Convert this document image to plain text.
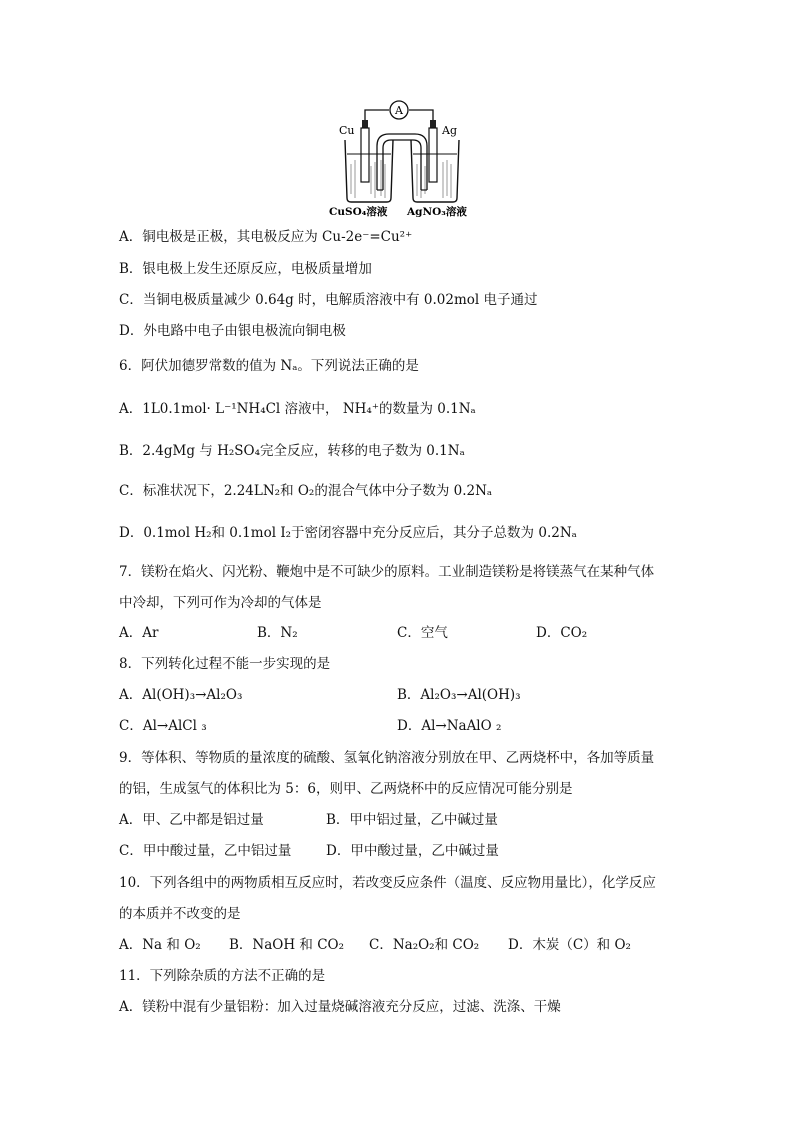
A
Cu	Ag
CuSO₄溶液 AgNO₃溶液
A．铜电极是正极，其电极反应为 Cu-2e⁻=Cu²⁺
B．银电极上发生还原反应，电极质量增加
C．当铜电极质量减少 0.64g 时，电解质溶液中有 0.02mol 电子通过
D．外电路中电子由银电极流向铜电极
6．阿伏加德罗常数的值为 Nₐ。下列说法正确的是
A．1L0.1mol· L⁻¹NH₄Cl 溶液中， NH₄⁺的数量为 0.1Nₐ
B．2.4gMg 与 H₂SO₄完全反应，转移的电子数为 0.1Nₐ
C．标准状况下，2.24LN₂和 O₂的混合气体中分子数为 0.2Nₐ
D．0.1mol H₂和 0.1mol I₂于密闭容器中充分反应后，其分子总数为 0.2Nₐ
7．镁粉在焰火、闪光粉、鞭炮中是不可缺少的原料。工业制造镁粉是将镁蒸气在某种气体
中冷却，下列可作为冷却的气体是
A．Ar	B．N₂	C．空气	D．CO₂
8．下列转化过程不能一步实现的是
A．Al(OH)₃→Al₂O₃	B．Al₂O₃→Al(OH)₃
C．Al→AlCl ₃	D．Al→NaAlO ₂
9．等体积、等物质的量浓度的硫酸、氢氧化钠溶液分别放在甲、乙两烧杯中，各加等质量
的铝，生成氢气的体积比为 5：6，则甲、乙两烧杯中的反应情况可能分别是
A．甲、乙中都是铝过量	B．甲中铝过量，乙中碱过量
C．甲中酸过量，乙中铝过量	D．甲中酸过量，乙中碱过量
10．下列各组中的两物质相互反应时，若改变反应条件（温度、反应物用量比），化学反应
的本质并不改变的是
A．Na 和 O₂ B．NaOH 和 CO₂ C．Na₂O₂和 CO₂ D．木炭（C）和 O₂
11．下列除杂质的方法不正确的是
A．镁粉中混有少量铝粉：加入过量烧碱溶液充分反应，过滤、洗涤、干燥
